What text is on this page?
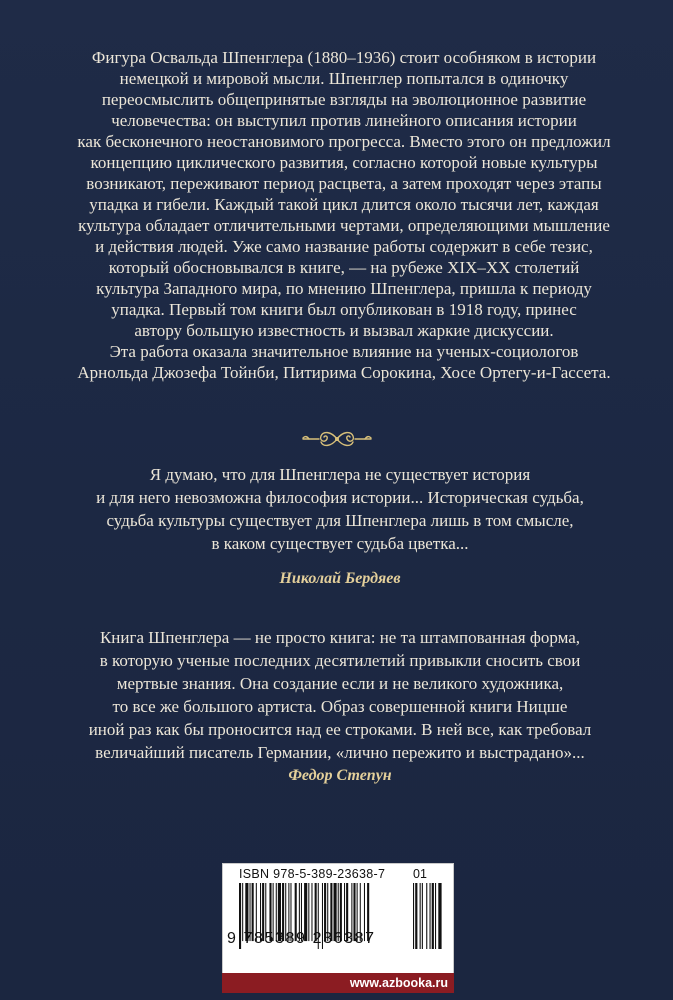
Фигура Освальда Шпенглера (1880–1936) стоит особняком в истории

немецкой и мировой мысли. Шпенглер попытался в одиночку

переосмыслить общепринятые взгляды на эволюционное развитие

человечества: он выступил против линейного описания истории

как бесконечного неостановимого прогресса. Вместо этого он предложил

концепцию циклического развития, согласно которой новые культуры

возникают, переживают период расцвета, а затем проходят через этапы

упадка и гибели. Каждый такой цикл длится около тысячи лет, каждая

культура обладает отличительными чертами, определяющими мышление

и действия людей. Уже само название работы содержит в себе тезис,

который обосновывался в книге, — на рубеже XIX–XX столетий

культура Западного мира, по мнению Шпенглера, пришла к периоду

упадка. Первый том книги был опубликован в 1918 году, принес

автору большую известность и вызвал жаркие дискуссии.

Эта работа оказала значительное влияние на ученых-социологов

Арнольда Джозефа Тойнби, Питирима Сорокина, Хосе Ортегу-и-Гассета.

Я думаю, что для Шпенглера не существует история

и для него невозможна философия истории... Историческая судьба,

судьба культуры существует для Шпенглера лишь в том смысле,

в каком существует судьба цветка...

Николай Бердяев

Книга Шпенглера — не просто книга: не та штампованная форма,

в которую ученые последних десятилетий привыкли сносить свои

мертвые знания. Она создание если и не великого художника,

то все же большого артиста. Образ совершенной книги Ницше

иной раз как бы проносится над ее строками. В ней все, как требовал

величайший писатель Германии, «лично пережито и выстрадано»...

Федор Степун
ISBN 978-5-389-23638-7 01
9 785389 236387
www.azbooka.ru
